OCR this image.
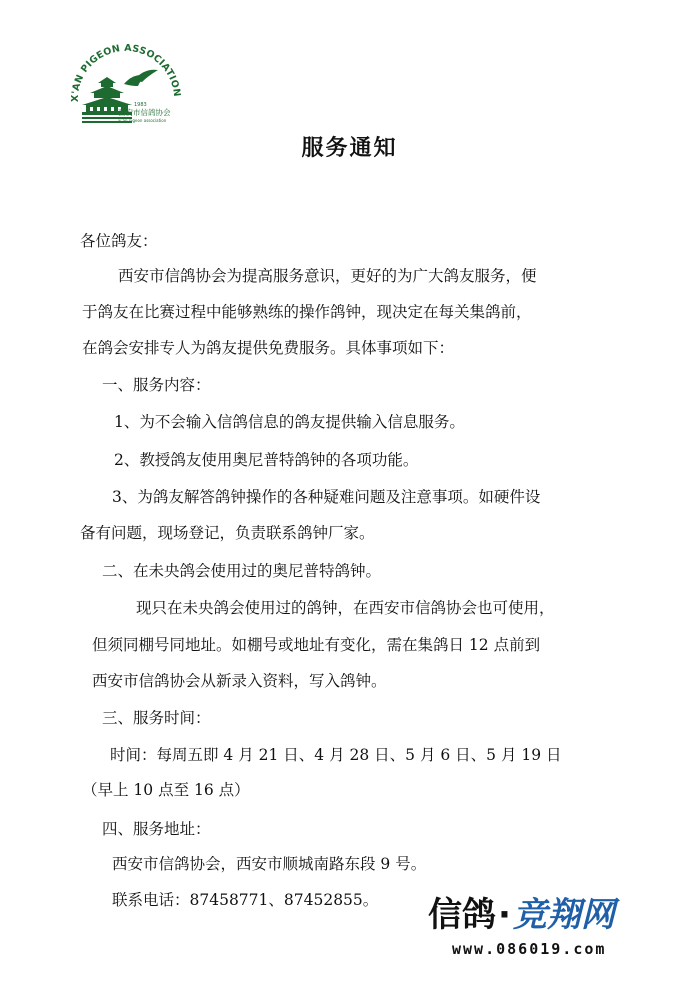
X'AN PIGEON ASSOCIATION
1983
西安市信鸽协会
xi'an pigeon association
服务通知
各位鸽友：
西安市信鸽协会为提高服务意识，更好的为广大鸽友服务，便
于鸽友在比赛过程中能够熟练的操作鸽钟，现决定在每关集鸽前，
在鸽会安排专人为鸽友提供免费服务。具体事项如下：
一、服务内容：
1、为不会输入信鸽信息的鸽友提供输入信息服务。
2、教授鸽友使用奥尼普特鸽钟的各项功能。
3、为鸽友解答鸽钟操作的各种疑难问题及注意事项。如硬件设
备有问题，现场登记，负责联系鸽钟厂家。
二、在未央鸽会使用过的奥尼普特鸽钟。
现只在未央鸽会使用过的鸽钟，在西安市信鸽协会也可使用，
但须同棚号同地址。如棚号或地址有变化，需在集鸽日 12 点前到
西安市信鸽协会从新录入资料，写入鸽钟。
三、服务时间：
时间：每周五即 4 月 21 日、4 月 28 日、5 月 6 日、5 月 19 日
（早上 10 点至 16 点）
四、服务地址：
西安市信鸽协会，西安市顺城南路东段 9 号。
联系电话：87458771、87452855。 信鸽·竞翔网
www.086019.com
